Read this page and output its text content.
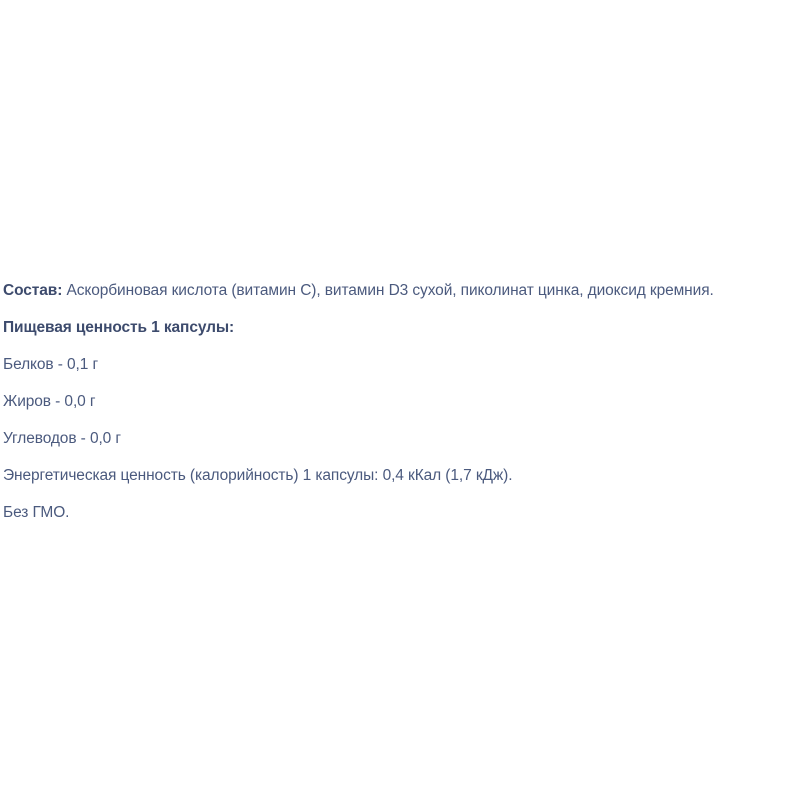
Состав: Аскорбиновая кислота (витамин C), витамин D3 сухой, пиколинат цинка, диоксид кремния.

Пищевая ценность 1 капсулы:

Белков - 0,1 г

Жиров - 0,0 г

Углеводов - 0,0 г

Энергетическая ценность (калорийность) 1 капсулы: 0,4 кКал (1,7 кДж).

Без ГМО.
